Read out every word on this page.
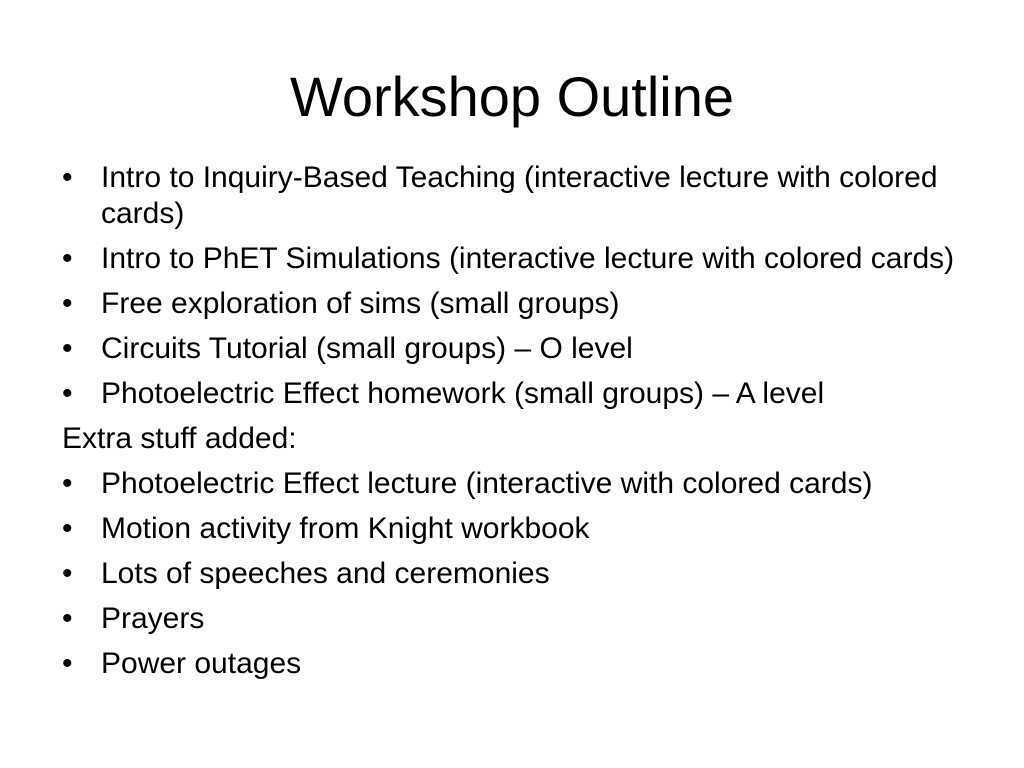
Workshop Outline
• Intro to Inquiry-Based Teaching (interactive lecture with colored cards)
• Intro to PhET Simulations (interactive lecture with colored cards)
• Free exploration of sims (small groups)
• Circuits Tutorial (small groups) – O level
• Photoelectric Effect homework (small groups) – A level
Extra stuff added:
• Photoelectric Effect lecture (interactive with colored cards)
• Motion activity from Knight workbook
• Lots of speeches and ceremonies
• Prayers
• Power outages
